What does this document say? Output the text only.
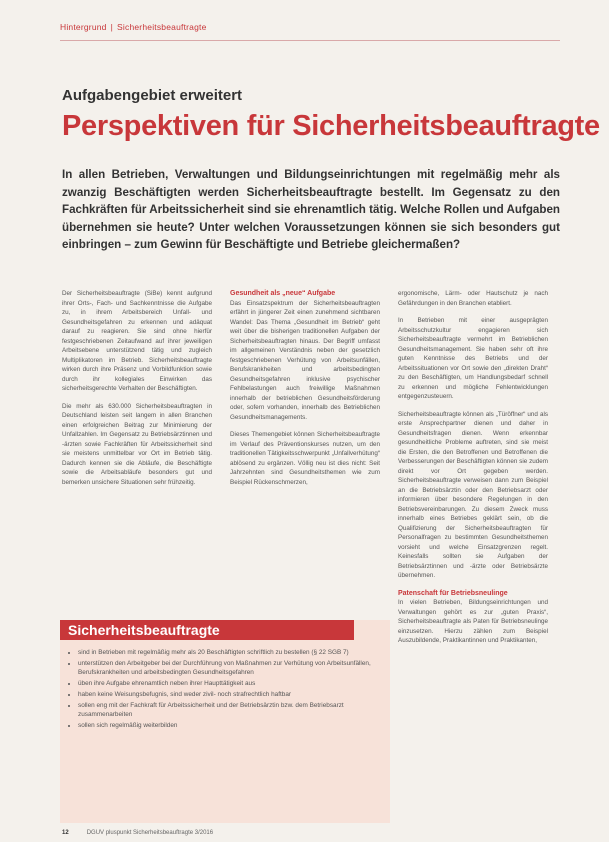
Hintergrund | Sicherheitsbeauftragte
Aufgabengebiet erweitert
Perspektiven für Sicherheitsbeauftragte
In allen Betrieben, Verwaltungen und Bildungseinrichtungen mit regelmäßig mehr als zwanzig Beschäftigten werden Sicherheitsbeauftragte bestellt. Im Gegensatz zu den Fachkräften für Arbeitssicherheit sind sie ehrenamtlich tätig. Welche Rollen und Aufgaben übernehmen sie heute? Unter welchen Voraussetzungen können sie sich besonders gut einbringen – zum Gewinn für Beschäftigte und Betriebe gleichermaßen?

Der Sicherheitsbeauftragte (SiBe) kennt aufgrund ihrer Orts-, Fach- und Sachkenntnisse die Aufgabe zu, in ihrem Arbeitsbereich Unfall- und Gesundheitsgefahren zu erkennen und adäquat darauf zu reagieren. Sie sind ohne hierfür festgeschriebenen Zeitaufwand auf ihrer jeweiligen Arbeitsebene unterstützend tätig und zugleich Multiplikatoren im Betrieb. Sicherheitsbeauftragte wirken durch ihre Präsenz und Vorbildfunktion sowie durch ihr kollegiales Einwirken das sicherheitsgerechte Verhalten der Beschäftigten.

Die mehr als 630.000 Sicherheitsbeauftragten in Deutschland leisten seit langem in allen Branchen einen erfolgreichen Beitrag zur Minimierung der Unfallzahlen. Im Gegensatz zu Betriebsärztinnen und -ärzten sowie Fachkräften für Arbeitssicherheit sind sie meistens unmittelbar vor Ort im Betrieb tätig. Dadurch kennen sie die Abläufe, die Beschäftigte sowie die Arbeitsabläufe besonders gut und bemerken unsichere Situationen sehr frühzeitig.

Gesundheit als „neue“ Aufgabe

Das Einsatzspektrum der Sicherheitsbeauftragten erfährt in jüngerer Zeit einen zunehmend sichtbaren Wandel: Das Thema „Gesundheit im Betrieb“ geht weit über die bisherigen traditionellen Aufgaben der Sicherheitsbeauftragten hinaus. Der Begriff umfasst im allgemeinen Verständnis neben der gesetzlich festgeschriebenen Verhütung von Arbeitsunfällen, Berufskrankheiten und arbeitsbedingten Gesundheitsgefahren inklusive psychischer Fehlbelastungen auch freiwillige Maßnahmen innerhalb der betrieblichen Gesundheitsförderung oder, sofern vorhanden, innerhalb des Betrieblichen Gesundheitsmanagements.

Dieses Themengebiet können Sicherheitsbeauftragte im Verlauf des Präventionskurses nutzen, um den traditionellen Tätigkeitsschwerpunkt „Unfallverhütung“ ablösend zu ergänzen. Völlig neu ist dies nicht: Seit Jahrzehnten sind Gesundheitsthemen wie zum Beispiel Rückenschmerzen,

ergonomische, Lärm- oder Hautschutz je nach Gefährdungen in den Branchen etabliert.

In Betrieben mit einer ausgeprägten Arbeitsschutzkultur engagieren sich Sicherheitsbeauftragte vermehrt im Betrieblichen Gesundheitsmanagement. Sie haben sehr oft ihre guten Kenntnisse des Betriebs und der Arbeitssituationen vor Ort sowie den „direkten Draht“ zu den Beschäftigten, um Handlungsbedarf schnell zu erkennen und mögliche Fehlentwicklungen entgegenzusteuern.

Sicherheitsbeauftragte können als „Türöffner“ und als erste Ansprechpartner dienen und daher in Gesundheitsfragen dienen. Wenn erkennbar gesundheitliche Probleme auftreten, sind sie meist die Ersten, die den Betroffenen und Betroffenen die Verbesserungen der Beschäftigten können sie zudem direkt vor Ort gegeben werden. Sicherheitsbeauftragte verweisen dann zum Beispiel an die Betriebsärztin oder den Betriebsarzt oder informieren über besondere Regelungen in den Betriebsvereinbarungen. Zu diesem Zweck muss innerhalb eines Betriebes geklärt sein, ob die Qualifizierung der Sicherheitsbeauftragten für Personalfragen zu bestimmten Gesundheitsthemen vorsieht und welche Einsatzgrenzen regelt. Keinesfalls sollten sie Aufgaben der Betriebsärztinnen und -ärzte oder Betriebsärzte übernehmen.

Patenschaft für Betriebsneulinge

In vielen Betrieben, Bildungseinrichtungen und Verwaltungen gehört es zur „guten Praxis“, Sicherheitsbeauftragte als Paten für Betriebsneulinge einzusetzen. Hierzu zählen zum Beispiel Auszubildende, Praktikantinnen und Praktikanten,

• sind in Betrieben mit regelmäßig mehr als 20 Beschäftigten schriftlich zu bestellen (§ 22 SGB 7)
• unterstützen den Arbeitgeber bei der Durchführung von Maßnahmen zur Verhütung von Arbeitsunfällen, Berufskrankheiten und arbeitsbedingten Gesundheitsgefahren
• üben ihre Aufgabe ehrenamtlich neben ihrer Haupttätigkeit aus
• haben keine Weisungsbefugnis, sind weder zivil- noch strafrechtlich haftbar
• sollen eng mit der Fachkraft für Arbeitssicherheit und der Betriebsärztin bzw. dem Betriebsarzt zusammenarbeiten
• sollen sich regelmäßig weiterbilden
Sicherheitsbeauftragte
12	DGUV pluspunkt Sicherheitsbeauftragte 3/2016
